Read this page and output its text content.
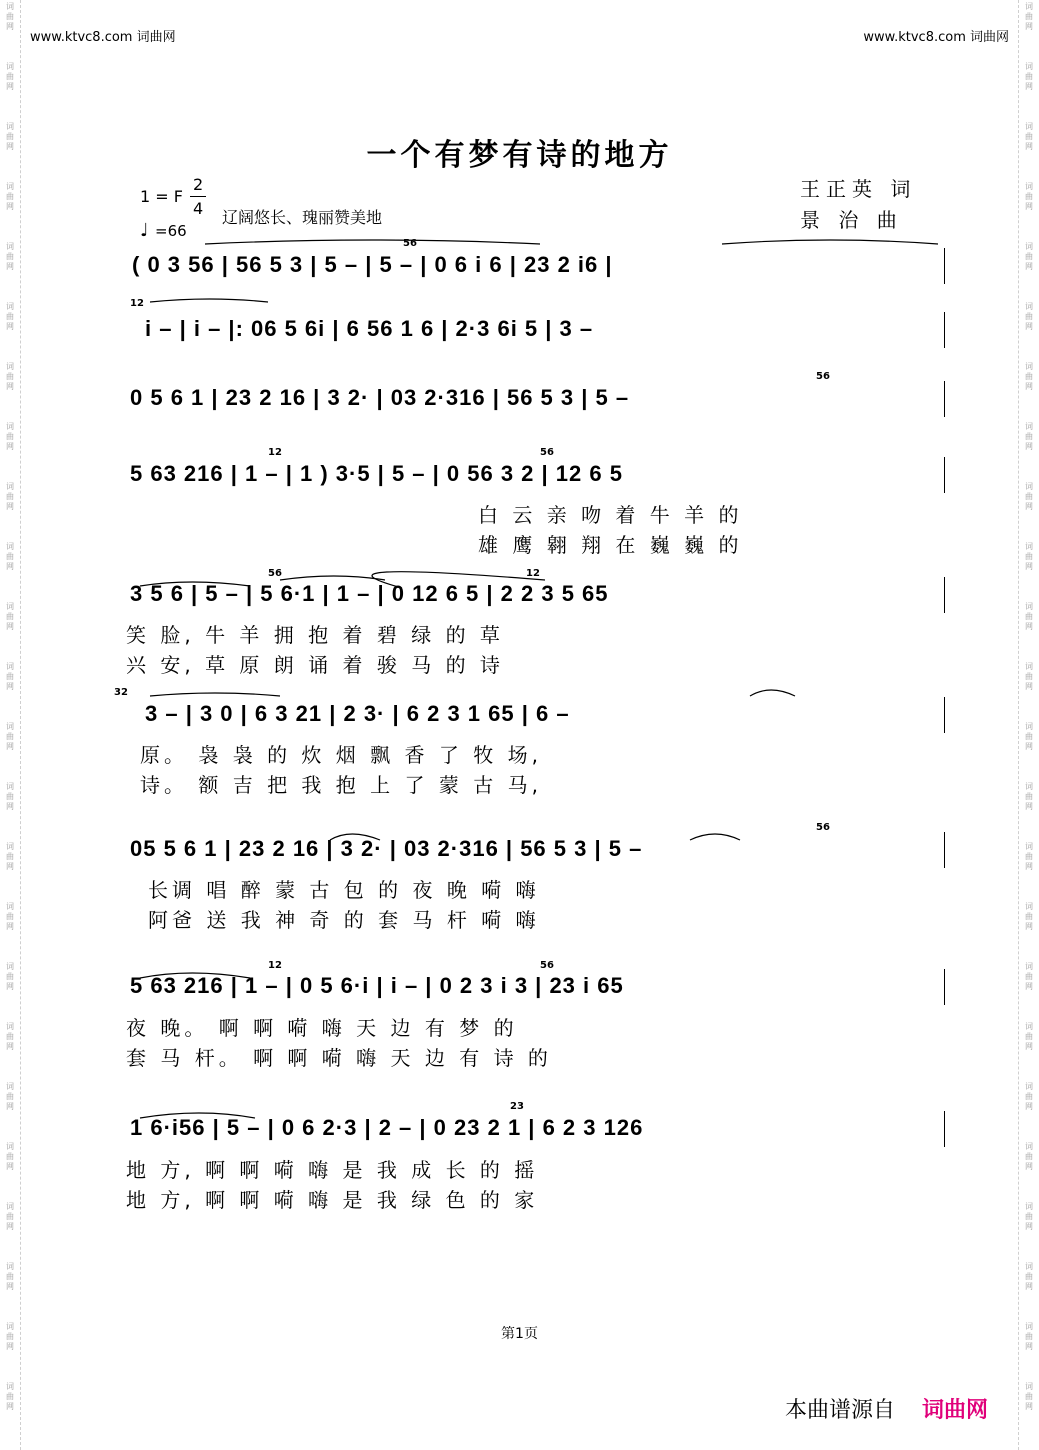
词
曲
网
词
曲
网
词
曲
网
词
曲
网
词
曲
网
词
曲
网
词
曲
网
词
曲
网
词
曲
网
词
曲
网
词
曲
网
词
曲
网
词
曲
网
词
曲
网
词
曲
网
词
曲
网
词
曲
网
词
曲
网
词
曲
网
词
曲
网
词
曲
网
词
曲
网
词
曲
网
词
曲
网
词
曲
网
词
曲
网
词
曲
网
词
曲
网
词
曲
网
词
曲
网
词
曲
网
词
曲
网
词
曲
网
词
曲
网
词
曲
网
词
曲
网
词
曲
网
词
曲
网
词
曲
网
词
曲
网
词
曲
网
词
曲
网
词
曲
网
词
曲
网
词
曲
网
词
曲
网
词
曲
网
词
曲
网
www.ktvc8.com 词曲网	www.ktvc8.com 词曲网
一个有梦有诗的地方
1 = F
2
4
♩ =66
辽阔悠长、瑰丽赞美地
王正英 词
景 治 曲
( 0 3 56 | 56 5 3 | 5 – | 5 – | 0 6 i 6 | 23 2 i6 |
i – | i – |: 06 5 6i | 6 56 1 6 | 2·3 6i 5 | 3 –
0 5 6 1 | 23 2 16 | 3 2· | 03 2·316 | 56 5 3 | 5 –
5 63 216 | 1 – | 1 ) 3·5 | 5 – | 0 56 3 2 | 12 6 5
3 5 6 | 5 – | 5 6·1 | 1 – | 0 12 6 5 | 2 2 3 5 65
3 – | 3 0 | 6 3 21 | 2 3· | 6 2 3 1 65 | 6 –
05 5 6 1 | 23 2 16 | 3 2· | 03 2·316 | 56 5 3 | 5 –
5 63 216 | 1 – | 0 5 6·i | i – | 0 2 3 i 3 | 23 i 65
1 6·i56 | 5 – | 0 6 2·3 | 2 – | 0 23 2 1 | 6 2 3 126
56
12
12	56
56
56	12
56
12
32
56
23
白 云 亲 吻 着 牛 羊 的
雄 鹰 翱 翔 在 巍 巍 的
笑 脸, 牛 羊 拥 抱 着 碧 绿 的 草
兴 安, 草 原 朗 诵 着 骏 马 的 诗
原。 袅 袅 的 炊 烟 飘 香 了 牧 场,
诗。 额 吉 把 我 抱 上 了 蒙 古 马,
长调 唱 醉 蒙 古 包 的 夜 晚 嗬 嗨
阿爸 送 我 神 奇 的 套 马 杆 嗬 嗨
夜 晚。 啊 啊 嗬 嗨 天 边 有 梦 的
套 马 杆。 啊 啊 嗬 嗨 天 边 有 诗 的
地 方, 啊 啊 嗬 嗨 是 我 成 长 的 摇
地 方, 啊 啊 嗬 嗨 是 我 绿 色 的 家
第1页
本曲谱源自 词曲网
